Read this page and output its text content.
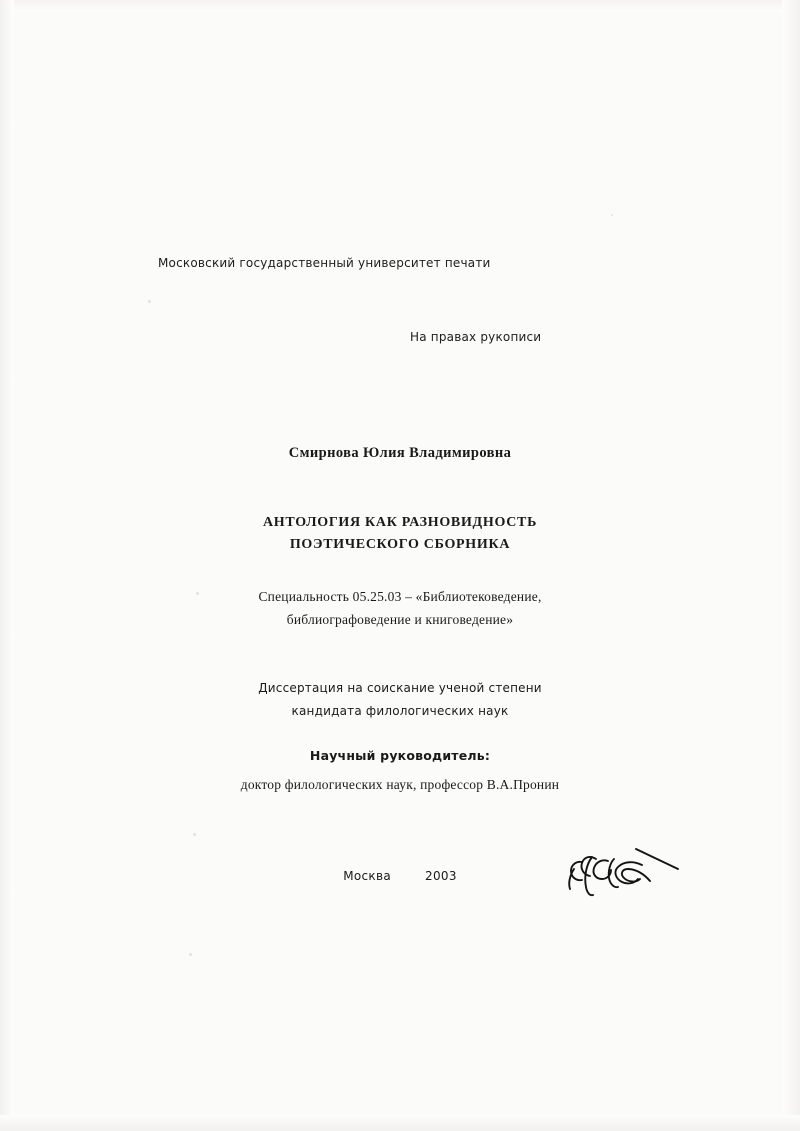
Московский государственный университет печати
На правах рукописи
Смирнова Юлия Владимировна
АНТОЛОГИЯ КАК РАЗНОВИДНОСТЬ
ПОЭТИЧЕСКОГО СБОРНИКА
Специальность 05.25.03 – «Библиотековедение,
библиографоведение и книговедение»
Диссертация на соискание ученой степени
кандидата филологических наук
Научный руководитель:
доктор филологических наук, профессор В.А.Пронин
Москва	2003
